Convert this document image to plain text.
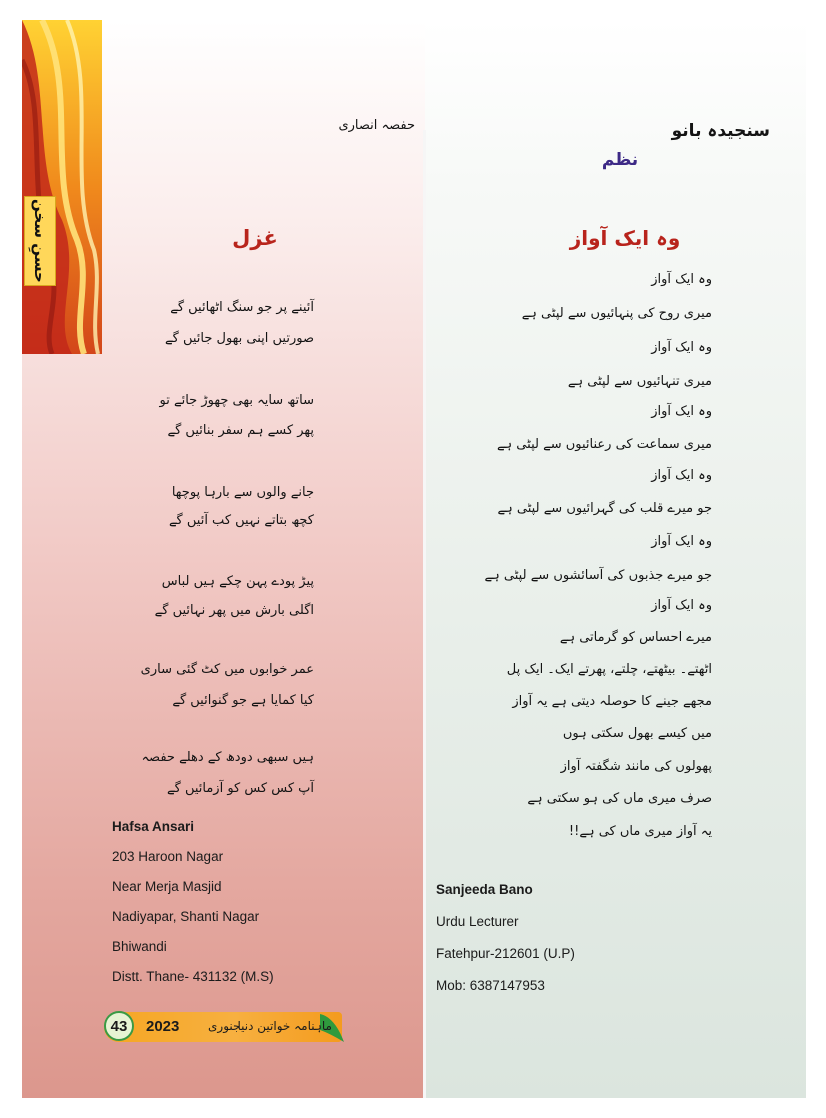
حسنِ سخن
حفصہ انصاری	سنجیدہ بانو
نظم
غزل	وہ ایک آواز
آئینے پر جو سنگ اٹھائیں گے
صورتیں اپنی بھول جائیں گے
ساتھ سایہ بھی چھوڑ جائے تو
پھر کسے ہم سفر بنائیں گے
جانے والوں سے بارہا پوچھا
کچھ بتاتے نہیں کب آئیں گے
پیڑ پودے پہن چکے ہیں لباس
اگلی بارش میں پھر نہائیں گے
عمر خوابوں میں کٹ گئی ساری
کیا کمایا ہے جو گنوائیں گے
ہیں سبھی دودھ کے دھلے حفصہ
آپ کس کس کو آزمائیں گے
وہ ایک آواز
میری روح کی پنہائیوں سے لپٹی ہے
وہ ایک آواز
میری تنہائیوں سے لپٹی ہے
وہ ایک آواز
میری سماعت کی رعنائیوں سے لپٹی ہے
وہ ایک آواز
جو میرے قلب کی گہرائیوں سے لپٹی ہے
وہ ایک آواز
جو میرے جذبوں کی آسائشوں سے لپٹی ہے
وہ ایک آواز
میرے احساس کو گرماتی ہے
اٹھتے۔ بیٹھتے، چلتے، پھرتے ایک۔ ایک پل
مجھے جینے کا حوصلہ دیتی ہے یہ آواز
میں کیسے بھول سکتی ہوں
پھولوں کی مانند شگفتہ آواز
صرف میری ماں کی ہو سکتی ہے
یہ آواز میری ماں کی ہے!!
Hafsa Ansari
203 Haroon Nagar
Near Merja Masjid
Nadiyapar, Shanti Nagar
Bhiwandi
Distt. Thane- 431132 (M.S)
Sanjeeda Bano
Urdu Lecturer
Fatehpur-212601 (U.P)
Mob: 6387147953
43	2023 جنوری
ماہنامہ خواتین دنیا
